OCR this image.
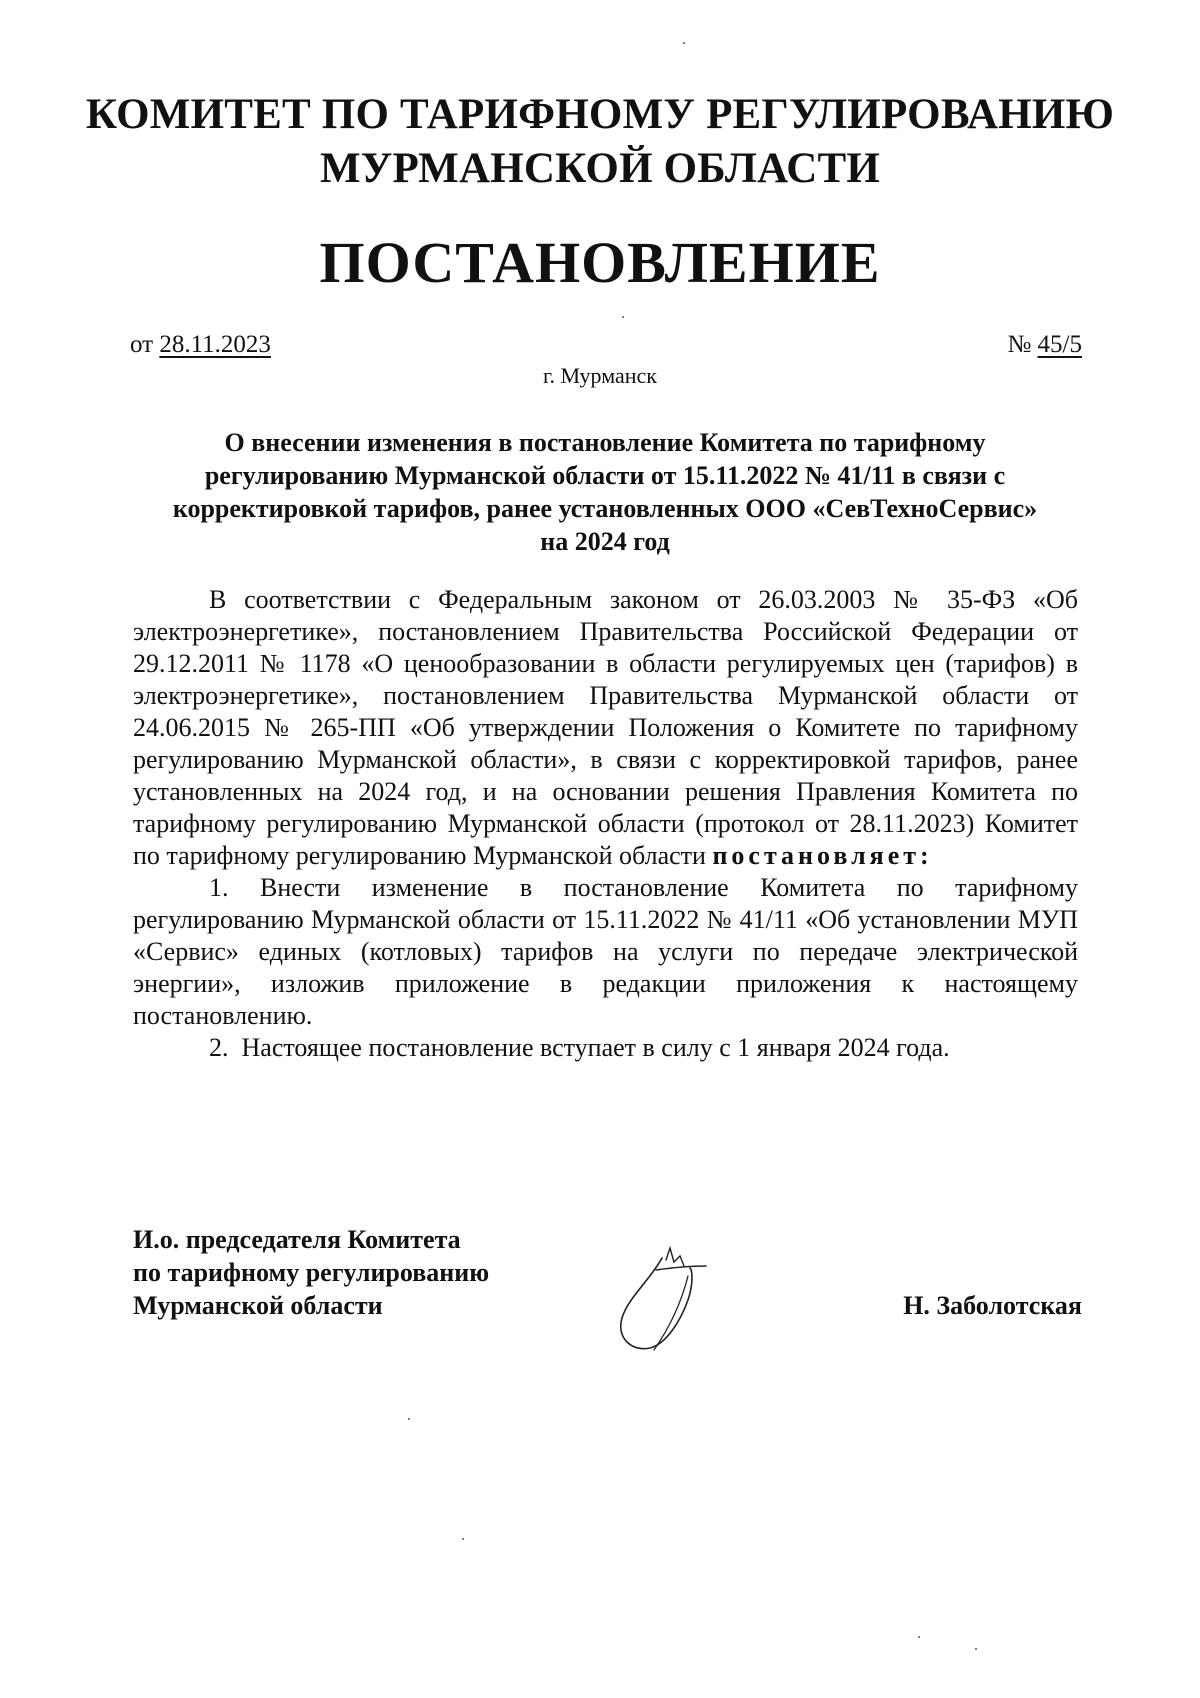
КОМИТЕТ ПО ТАРИФНОМУ РЕГУЛИРОВАНИЮ
МУРМАНСКОЙ ОБЛАСТИ
ПОСТАНОВЛЕНИЕ
от 28.11.2023	№ 45/5
г. Мурманск
О внесении изменения в постановление Комитета по тарифному
регулированию Мурманской области от 15.11.2022 № 41/11 в связи с
корректировкой тарифов, ранее установленных ООО «СевТехноСервис»
на 2024 год

В соответствии с Федеральным законом от 26.03.2003 № 35-ФЗ «Об электроэнергетике», постановлением Правительства Российской Федерации от 29.12.2011 № 1178 «О ценообразовании в области регулируемых цен (тарифов) в электроэнергетике», постановлением Правительства Мурманской области от 24.06.2015 № 265-ПП «Об утверждении Положения о Комитете по тарифному регулированию Мурманской области», в связи с корректировкой тарифов, ранее установленных на 2024 год, и на основании решения Правления Комитета по тарифному регулированию Мурманской области (протокол от 28.11.2023) Комитет по тарифному регулированию Мурманской области постановляет:

1. Внести изменение в постановление Комитета по тарифному регулированию Мурманской области от 15.11.2022 № 41/11 «Об установлении МУП «Сервис» единых (котловых) тарифов на услуги по передаче электрической энергии», изложив приложение в редакции приложения к настоящему постановлению.

2. Настоящее постановление вступает в силу с 1 января 2024 года.

И.о. председателя Комитета
по тарифному регулированию
Мурманской области	Н. Заболотская
